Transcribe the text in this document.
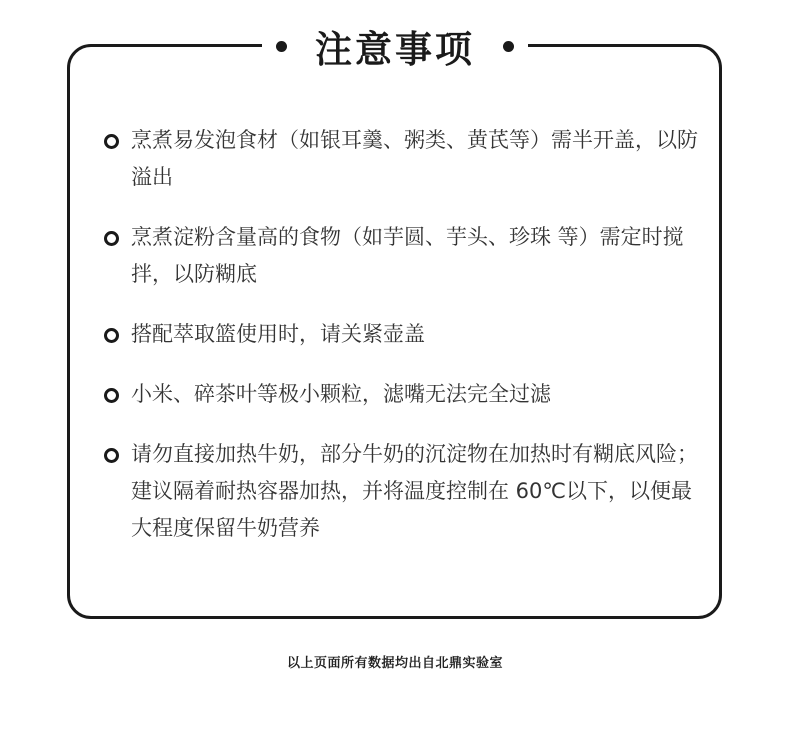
注意事项
烹煮易发泡食材（如银耳羹、粥类、黄芪等）需半开盖，以防溢出
烹煮淀粉含量高的食物（如芋圆、芋头、珍珠 等）需定时搅拌，以防糊底
搭配萃取篮使用时，请关紧壶盖
小米、碎茶叶等极小颗粒，滤嘴无法完全过滤
请勿直接加热牛奶，部分牛奶的沉淀物在加热时有糊底风险；建议隔着耐热容器加热，并将温度控制在 60℃以下，以便最大程度保留牛奶营养
以上页面所有数据均出自北鼎实验室
